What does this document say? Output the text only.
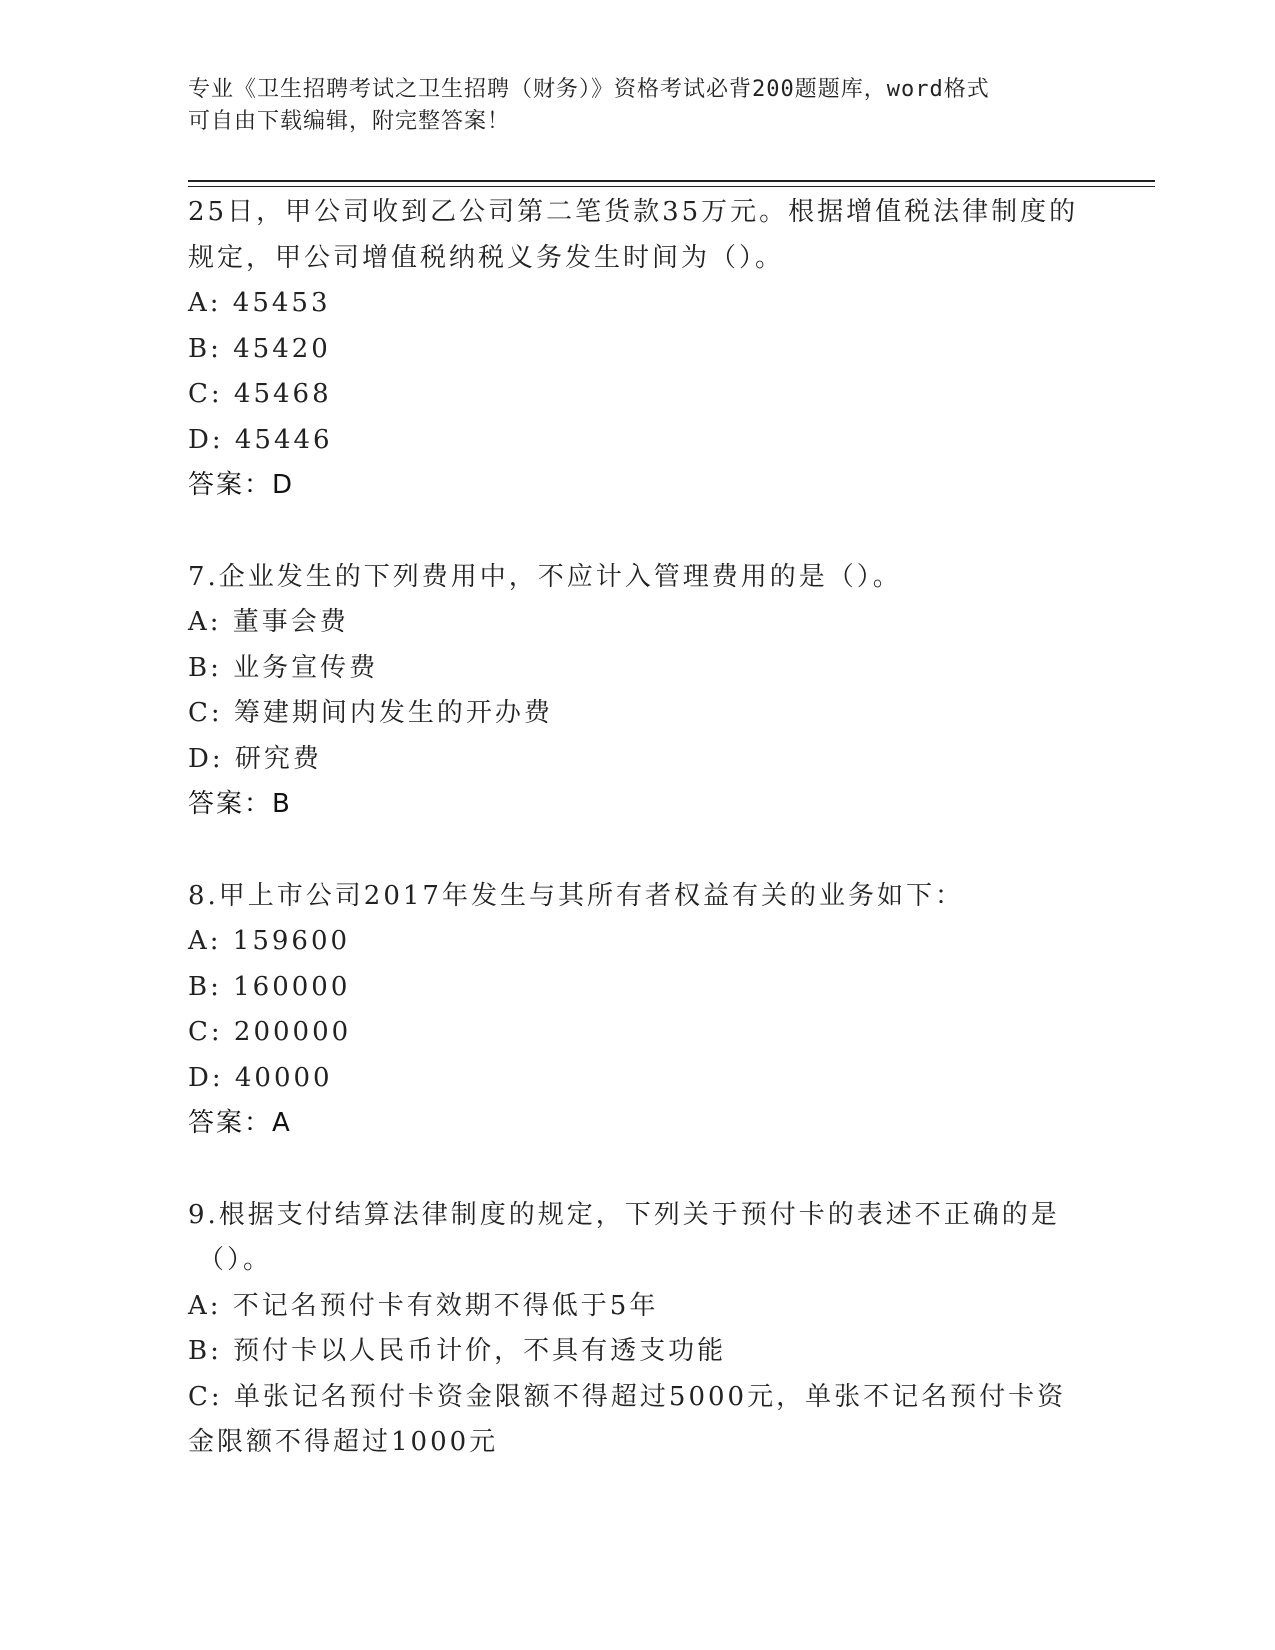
专业《卫生招聘考试之卫生招聘（财务）》资格考试必背200题题库，word格式
可自由下载编辑，附完整答案！
25日，甲公司收到乙公司第二笔货款35万元。根据增值税法律制度的
规定，甲公司增值税纳税义务发生时间为（）。
A: 45453
B: 45420
C: 45468
D: 45446
答案：D
7.企业发生的下列费用中，不应计入管理费用的是（）。
A: 董事会费
B: 业务宣传费
C: 筹建期间内发生的开办费
D: 研究费
答案：B
8.甲上市公司2017年发生与其所有者权益有关的业务如下：
A: 159600
B: 160000
C: 200000
D: 40000
答案：A
9.根据支付结算法律制度的规定，下列关于预付卡的表述不正确的是
（）。
A: 不记名预付卡有效期不得低于5年
B: 预付卡以人民币计价，不具有透支功能
C: 单张记名预付卡资金限额不得超过5000元，单张不记名预付卡资
金限额不得超过1000元
